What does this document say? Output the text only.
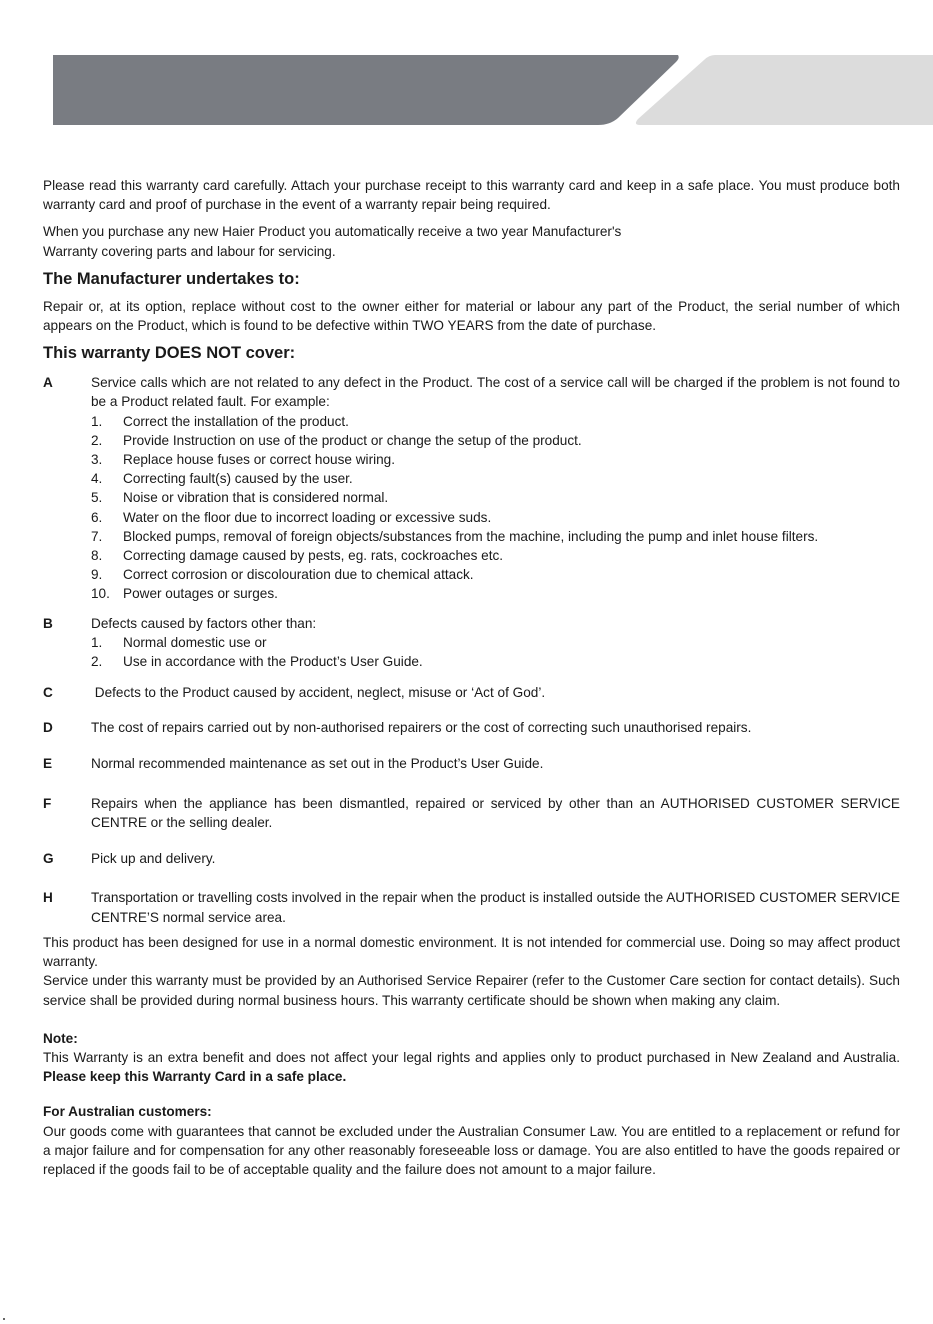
Please read this warranty card carefully. Attach your purchase receipt to this warranty card and keep in a safe place. You must produce both warranty card and proof of purchase in the event of a warranty repair being required.

When you purchase any new Haier Product you automatically receive a two year Manufacturer's

Warranty covering parts and labour for servicing.

The Manufacturer undertakes to:

Repair or, at its option, replace without cost to the owner either for material or labour any part of the Product, the serial number of which appears on the Product, which is found to be defective within TWO YEARS from the date of purchase.

This warranty DOES NOT cover:
A	Service calls which are not related to any defect in the Product. The cost of a service call will be charged if the problem is not found to be a Product related fault. For example:

1.	Correct the installation of the product.
2.	Provide Instruction on use of the product or change the setup of the product.
3.	Replace house fuses or correct house wiring.
4.	Correcting fault(s) caused by the user.
5.	Noise or vibration that is considered normal.
6.	Water on the floor due to incorrect loading or excessive suds.
7.	Blocked pumps, removal of foreign objects/substances from the machine, including the pump and inlet house filters.
8.	Correcting damage caused by pests, eg. rats, cockroaches etc.
9.	Correct corrosion or discolouration due to chemical attack.
10. Power outages or surges.
B	Defects caused by factors other than:

1.	Normal domestic use or
2.	Use in accordance with the Product’s User Guide.
C	Defects to the Product caused by accident, neglect, misuse or ‘Act of God’.

D	The cost of repairs carried out by non-authorised repairers or the cost of correcting such unauthorised repairs.

E	Normal recommended maintenance as set out in the Product’s User Guide.

F	Repairs when the appliance has been dismantled, repaired or serviced by other than an AUTHORISED CUSTOMER SERVICE CENTRE or the selling dealer.

G	Pick up and delivery.

H	Transportation or travelling costs involved in the repair when the product is installed outside the AUTHORISED CUSTOMER SERVICE CENTRE’S normal service area.

This product has been designed for use in a normal domestic environment. It is not intended for commercial use. Doing so may affect product warranty.

Service under this warranty must be provided by an Authorised Service Repairer (refer to the Customer Care section for contact details). Such service shall be provided during normal business hours. This warranty certificate should be shown when making any claim.

Note:

This Warranty is an extra benefit and does not affect your legal rights and applies only to product purchased in New Zealand and Australia. Please keep this Warranty Card in a safe place.

For Australian customers:

Our goods come with guarantees that cannot be excluded under the Australian Consumer Law. You are entitled to a replacement or refund for a major failure and for compensation for any other reasonably foreseeable loss or damage. You are also entitled to have the goods repaired or replaced if the goods fail to be of acceptable quality and the failure does not amount to a major failure.
